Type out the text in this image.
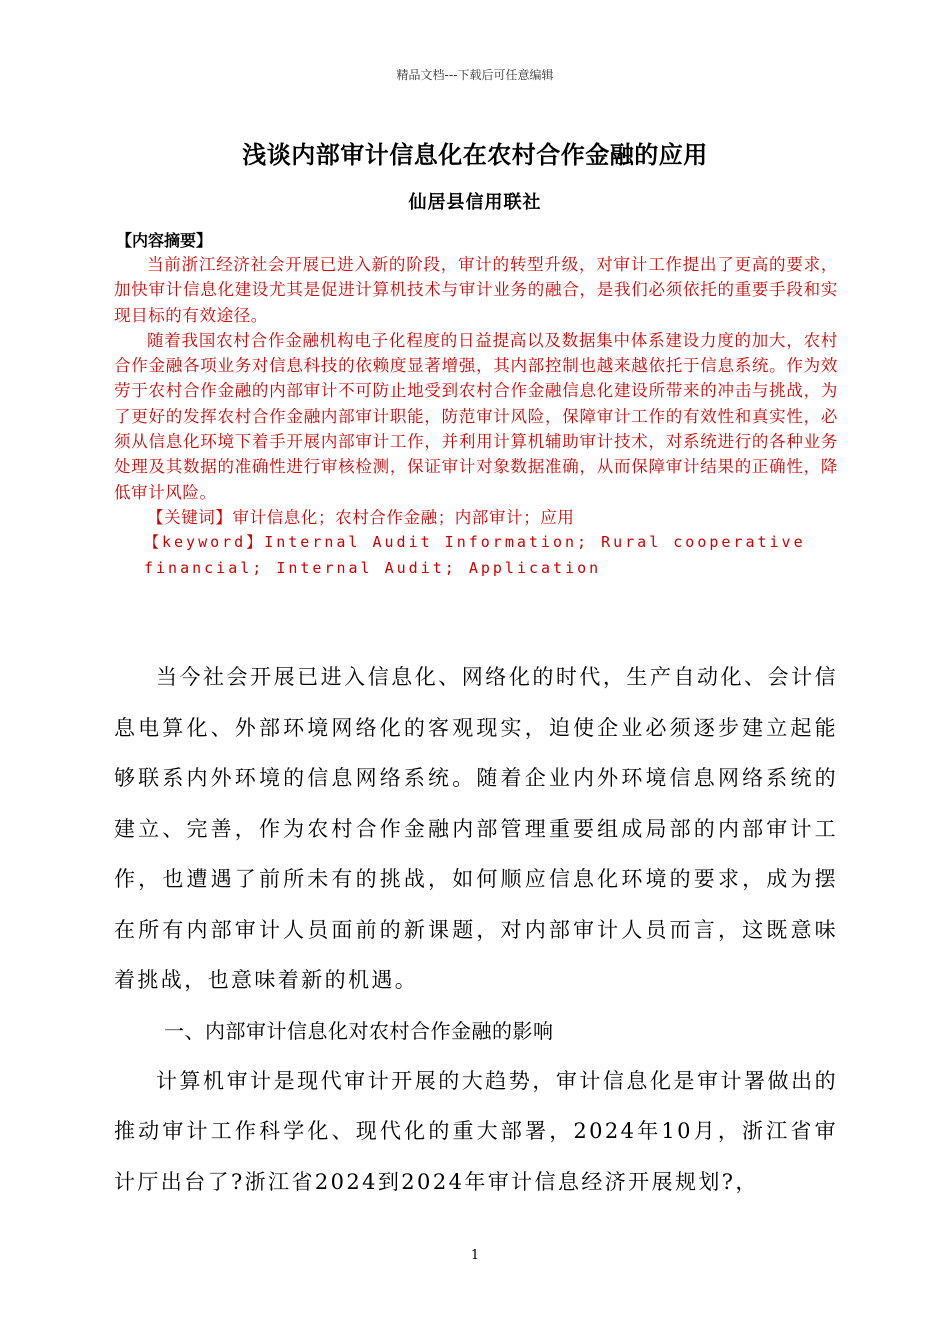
精品文档---下载后可任意编辑
浅谈内部审计信息化在农村合作金融的应用
仙居县信用联社
【内容摘要】

当前浙江经济社会开展已进入新的阶段，审计的转型升级，对审计工作提出了更高的要求，加快审计信息化建设尤其是促进计算机技术与审计业务的融合，是我们必须依托的重要手段和实现目标的有效途径。

随着我国农村合作金融机构电子化程度的日益提高以及数据集中体系建设力度的加大，农村合作金融各项业务对信息科技的依赖度显著增强，其内部控制也越来越依托于信息系统。作为效劳于农村合作金融的内部审计不可防止地受到农村合作金融信息化建设所带来的冲击与挑战，为了更好的发挥农村合作金融内部审计职能，防范审计风险，保障审计工作的有效性和真实性，必须从信息化环境下着手开展内部审计工作，并利用计算机辅助审计技术，对系统进行的各种业务处理及其数据的准确性进行审核检测，保证审计对象数据准确，从而保障审计结果的正确性，降低审计风险。

【关键词】审计信息化；农村合作金融；内部审计；应用

【keyword】Internal Audit Information; Rural cooperative

financial; Internal Audit; Application

当今社会开展已进入信息化、网络化的时代，生产自动化、会计信息电算化、外部环境网络化的客观现实，迫使企业必须逐步建立起能够联系内外环境的信息网络系统。随着企业内外环境信息网络系统的建立、完善，作为农村合作金融内部管理重要组成局部的内部审计工作，也遭遇了前所未有的挑战，如何顺应信息化环境的要求，成为摆在所有内部审计人员面前的新课题，对内部审计人员而言，这既意味着挑战，也意味着新的机遇。

一、内部审计信息化对农村合作金融的影响

计算机审计是现代审计开展的大趋势，审计信息化是审计署做出的推动审计工作科学化、现代化的重大部署，2024年10月，浙江省审计厅出台了?浙江省2024到2024年审计信息经济开展规划?，

1
